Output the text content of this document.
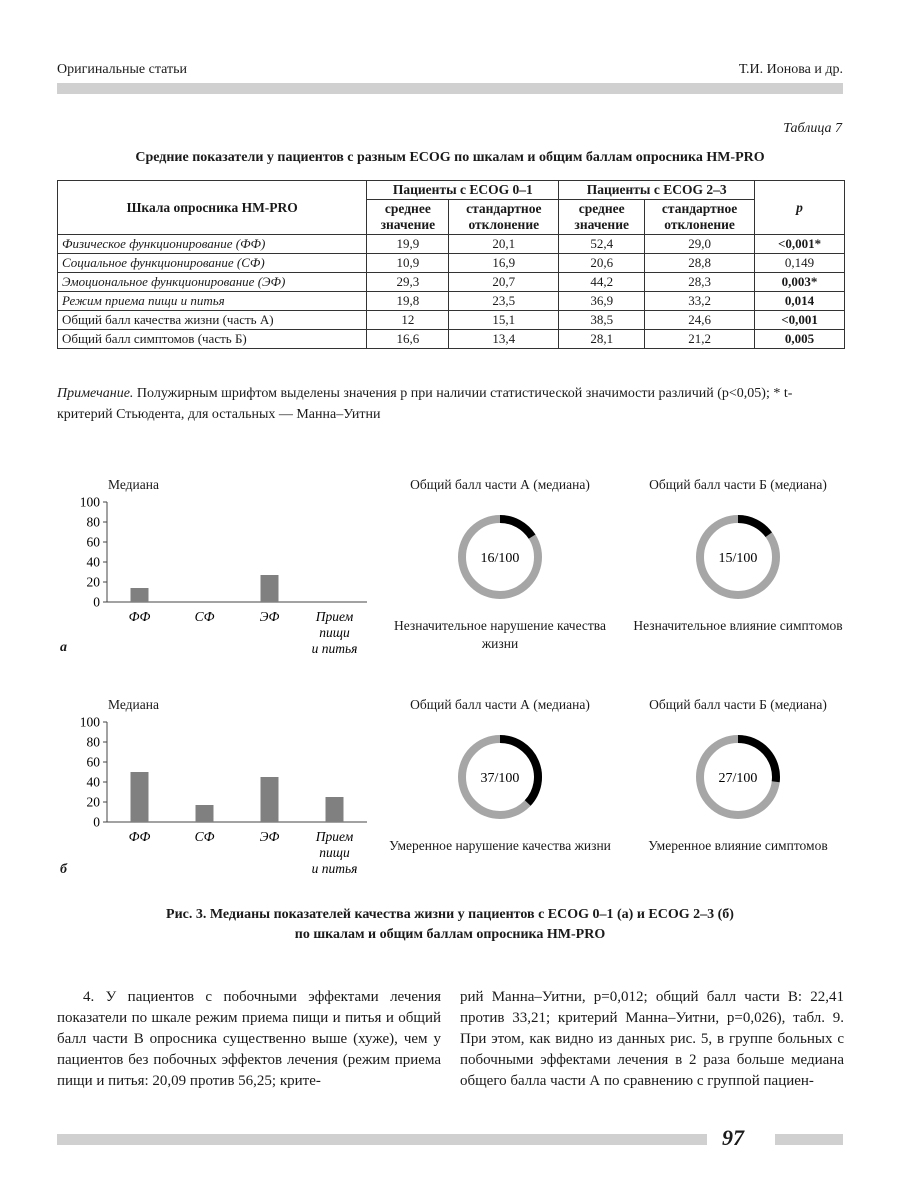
Оригинальные статьи	Т.И. Ионова и др.
Таблица 7
Средние показатели у пациентов с разным ECOG по шкалам и общим баллам опросника HM-PRO
Шкала опросника HM-PRO	Пациенты с ECOG 0–1		Пациенты с ECOG 2–3		p
	среднее значение	стандартное отклонение	среднее значение	стандартное отклонение	
Физическое функционирование (ФФ)	19,9	20,1	52,4	29,0	<0,001*
Социальное функционирование (СФ)	10,9	16,9	20,6	28,8	0,149
Эмоциональное функционирование (ЭФ)	29,3	20,7	44,2	28,3	0,003*
Режим приема пищи и питья	19,8	23,5	36,9	33,2	0,014
Общий балл качества жизни (часть А)	12	15,1	38,5	24,6	<0,001
Общий балл симптомов (часть Б)	16,6	13,4	28,1	21,2	0,005
Примечание. Полужирным шрифтом выделены значения p при наличии статистической значимости различий (p<0,05); * t-критерий Стьюдента, для остальных — Манна–Уитни
Медиана
0
20
40
60
80
100
ФФ	СФ	ЭФ	Прием
пищи
и питья
а
Общий балл части А (медиана)
16/100
Незначительное нарушение качества жизни
Общий балл части Б (медиана)
15/100
Незначительное влияние симптомов
Медиана
0
20
40
60
80
100
ФФ	СФ	ЭФ	Прием
пищи
и питья
б
Общий балл части А (медиана)
37/100
Умеренное нарушение качества жизни
Общий балл части Б (медиана)
27/100
Умеренное влияние симптомов
Рис. 3. Медианы показателей качества жизни у пациентов с ECOG 0–1 (а) и ECOG 2–3 (б)
по шкалам и общим баллам опросника HM-PRO
4. У пациентов с побочными эффектами лечения показатели по шкале режим приема пищи и питья и общий балл части В опросника существенно выше (хуже), чем у пациентов без побочных эффектов лечения (режим приема пищи и питья: 20,09 против 56,25; крите-
рий Манна–Уитни, p=0,012; общий балл части В: 22,41 против 33,21; критерий Манна–Уитни, p=0,026), табл. 9. При этом, как видно из данных рис. 5, в группе больных с побочными эффектами лечения в 2 раза больше медиана общего балла части А по сравнению с группой пациен-
97
